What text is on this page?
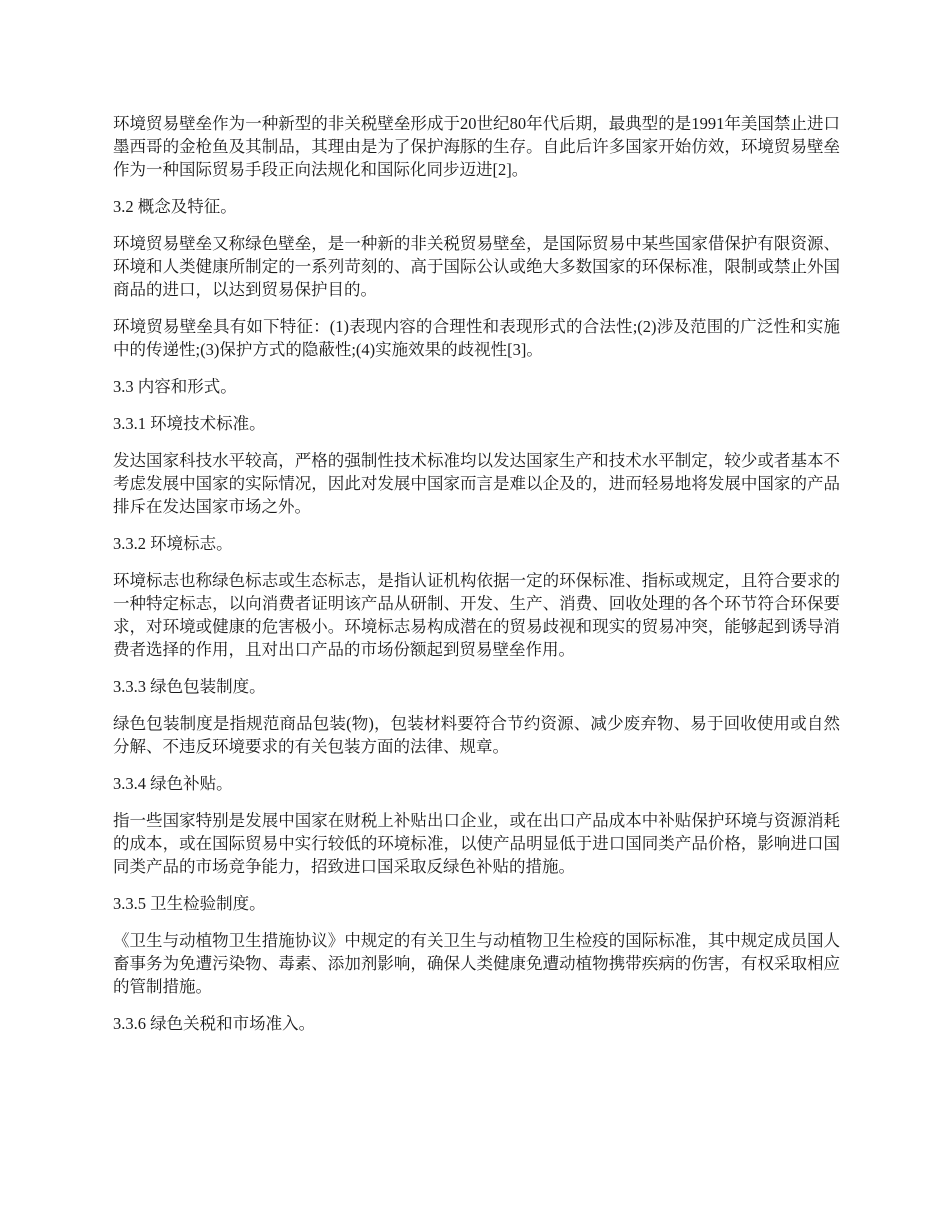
环境贸易壁垒作为一种新型的非关税壁垒形成于20世纪80年代后期，最典型的是1991年美国禁止进口墨西哥的金枪鱼及其制品，其理由是为了保护海豚的生存。自此后许多国家开始仿效，环境贸易壁垒作为一种国际贸易手段正向法规化和国际化同步迈进[2]。

3.2 概念及特征。

环境贸易壁垒又称绿色壁垒，是一种新的非关税贸易壁垒，是国际贸易中某些国家借保护有限资源、环境和人类健康所制定的一系列苛刻的、高于国际公认或绝大多数国家的环保标准，限制或禁止外国商品的进口，以达到贸易保护目的。

环境贸易壁垒具有如下特征：(1)表现内容的合理性和表现形式的合法性;(2)涉及范围的广泛性和实施中的传递性;(3)保护方式的隐蔽性;(4)实施效果的歧视性[3]。

3.3 内容和形式。

3.3.1 环境技术标准。

发达国家科技水平较高，严格的强制性技术标准均以发达国家生产和技术水平制定，较少或者基本不考虑发展中国家的实际情况，因此对发展中国家而言是难以企及的，进而轻易地将发展中国家的产品排斥在发达国家市场之外。

3.3.2 环境标志。

环境标志也称绿色标志或生态标志，是指认证机构依据一定的环保标准、指标或规定，且符合要求的一种特定标志，以向消费者证明该产品从研制、开发、生产、消费、回收处理的各个环节符合环保要求，对环境或健康的危害极小。环境标志易构成潜在的贸易歧视和现实的贸易冲突，能够起到诱导消费者选择的作用，且对出口产品的市场份额起到贸易壁垒作用。

3.3.3 绿色包装制度。

绿色包装制度是指规范商品包装(物)，包装材料要符合节约资源、减少废弃物、易于回收使用或自然分解、不违反环境要求的有关包装方面的法律、规章。

3.3.4 绿色补贴。

指一些国家特别是发展中国家在财税上补贴出口企业，或在出口产品成本中补贴保护环境与资源消耗的成本，或在国际贸易中实行较低的环境标准，以使产品明显低于进口国同类产品价格，影响进口国同类产品的市场竞争能力，招致进口国采取反绿色补贴的措施。

3.3.5 卫生检验制度。

《卫生与动植物卫生措施协议》中规定的有关卫生与动植物卫生检疫的国际标准，其中规定成员国人畜事务为免遭污染物、毒素、添加剂影响，确保人类健康免遭动植物携带疾病的伤害，有权采取相应的管制措施。

3.3.6 绿色关税和市场准入。
